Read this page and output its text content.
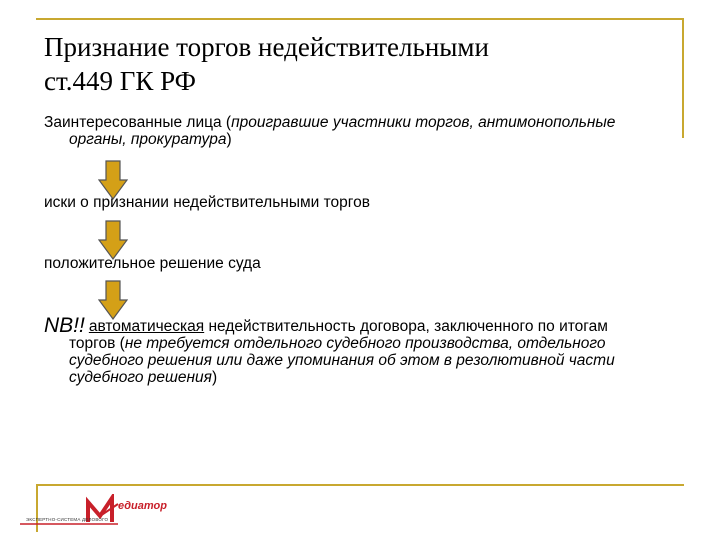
Признание торгов недействительными
ст.449 ГК РФ
Заинтересованные лица (проигравшие участники торгов, антимонопольные
органы, прокуратура)
иски о признании недействительными торгов
положительное решение суда
NB!! автоматическая недействительность договора, заключенного по итогам
торгов (не требуется отдельного судебного производства, отдельного
судебного решения или даже упоминания об этом в резолютивной части
судебного решения)
едиатор
ЭКСПЕРТНО-СИСТЕМА ДЕЛОВОГО
